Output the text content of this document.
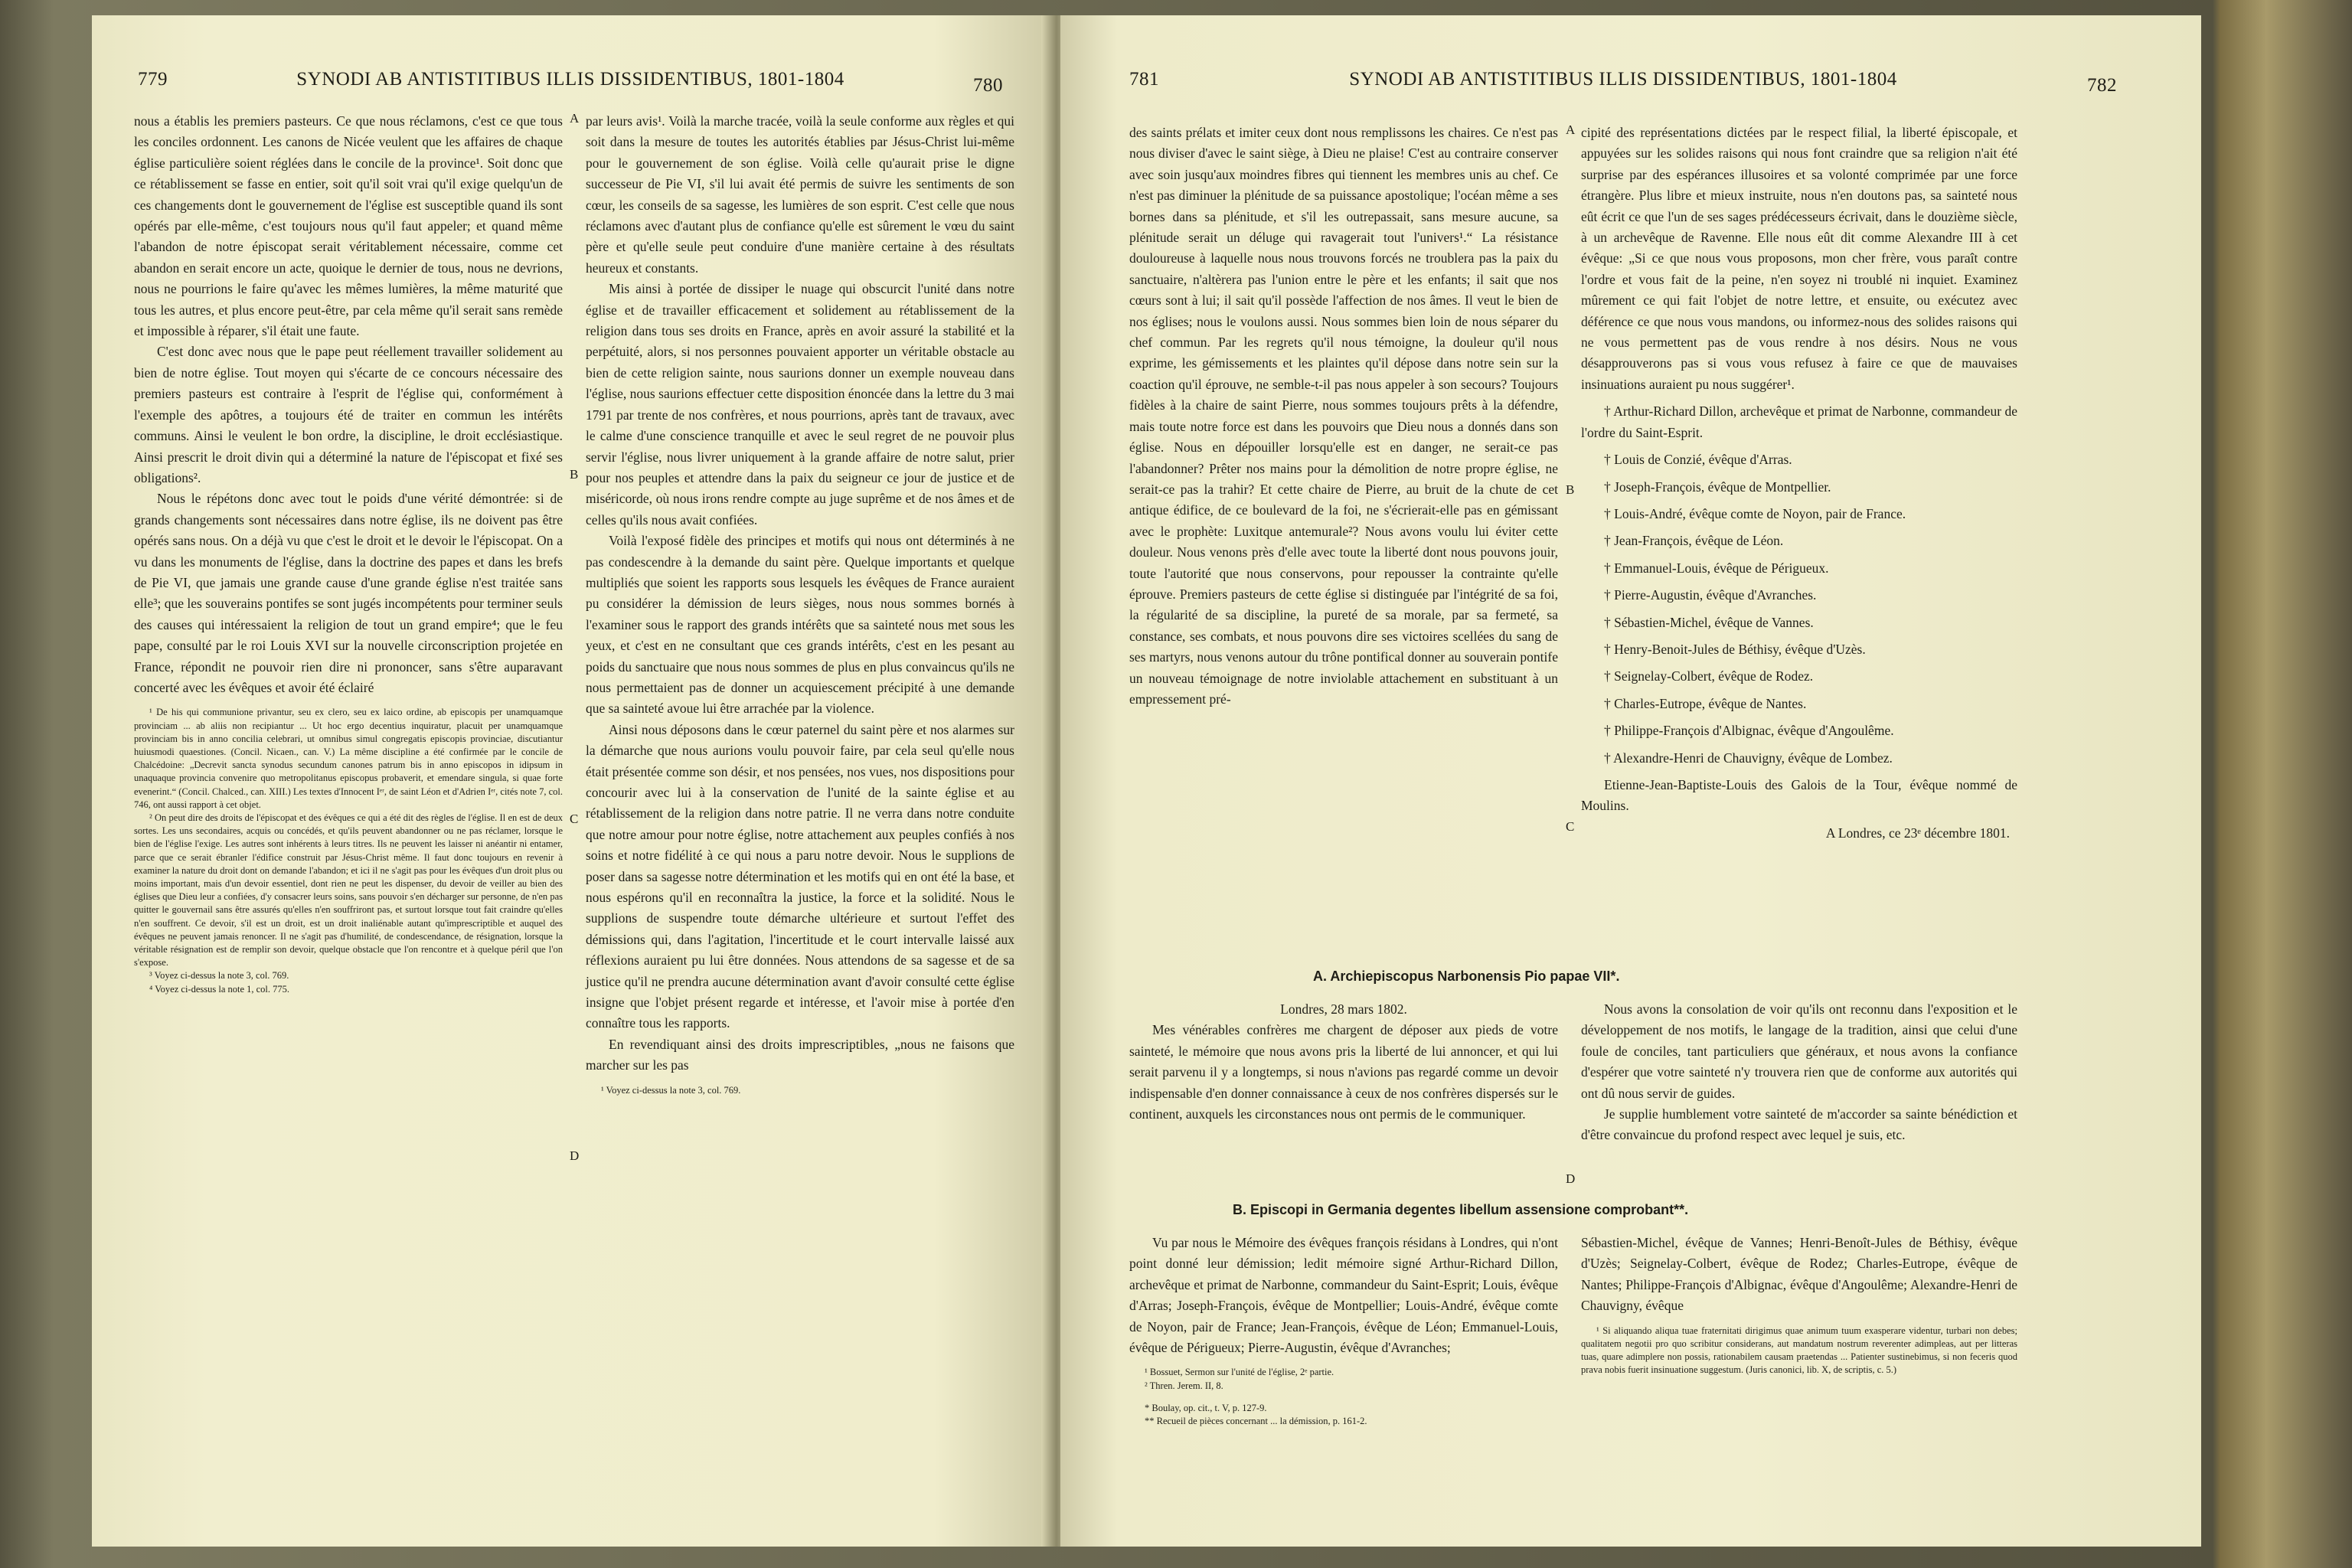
779	SYNODI AB ANTISTITIBUS ILLIS DISSIDENTIBUS, 1801-1804	780

nous a établis les premiers pasteurs. Ce que nous réclamons, c'est ce que tous les conciles ordonnent. Les canons de Nicée veulent que les affaires de chaque église particulière soient réglées dans le concile de la province¹. Soit donc que ce rétablissement se fasse en entier, soit qu'il soit vrai qu'il exige quelqu'un de ces changements dont le gouvernement de l'église est susceptible quand ils sont opérés par elle-même, c'est toujours nous qu'il faut appeler; et quand même l'abandon de notre épiscopat serait véritablement nécessaire, comme cet abandon en serait encore un acte, quoique le dernier de tous, nous ne devrions, nous ne pourrions le faire qu'avec les mêmes lumières, la même maturité que tous les autres, et plus encore peut-être, par cela même qu'il serait sans remède et impossible à réparer, s'il était une faute.

C'est donc avec nous que le pape peut réellement travailler solidement au bien de notre église. Tout moyen qui s'écarte de ce concours nécessaire des premiers pasteurs est contraire à l'esprit de l'église qui, conformément à l'exemple des apôtres, a toujours été de traiter en commun les intérêts communs. Ainsi le veulent le bon ordre, la discipline, le droit ecclésiastique. Ainsi prescrit le droit divin qui a déterminé la nature de l'épiscopat et fixé ses obligations².

Nous le répétons donc avec tout le poids d'une vérité démontrée: si de grands changements sont nécessaires dans notre église, ils ne doivent pas être opérés sans nous. On a déjà vu que c'est le droit et le devoir le l'épiscopat. On a vu dans les monuments de l'église, dans la doctrine des papes et dans les brefs de Pie VI, que jamais une grande cause d'une grande église n'est traitée sans elle³; que les souverains pontifes se sont jugés incompétents pour terminer seuls des causes qui intéressaient la religion de tout un grand empire⁴; que le feu pape, consulté par le roi Louis XVI sur la nouvelle circonscription projetée en France, répondit ne pouvoir rien dire ni prononcer, sans s'être auparavant concerté avec les évêques et avoir été éclairé

¹ De his qui communione privantur, seu ex clero, seu ex laico ordine, ab episcopis per unamquamque provinciam ... ab aliis non recipiantur ... Ut hoc ergo decentius inquiratur, placuit per unamquamque provinciam bis in anno concilia celebrari, ut omnibus simul congregatis episcopis provinciae, discutiantur huiusmodi quaestiones. (Concil. Nicaen., can. V.) La même discipline a été confirmée par le concile de Chalcédoine: „Decrevit sancta synodus secundum canones patrum bis in anno episcopos in idipsum in unaquaque provincia convenire quo metropolitanus episcopus probaverit, et emendare singula, si quae forte evenerint.“ (Concil. Chalced., can. XIII.) Les textes d'Innocent Iᵉʳ, de saint Léon et d'Adrien Iᵉʳ, cités note 7, col. 746, ont aussi rapport à cet objet.

² On peut dire des droits de l'épiscopat et des évêques ce qui a été dit des règles de l'église. Il en est de deux sortes. Les uns secondaires, acquis ou concédés, et qu'ils peuvent abandonner ou ne pas réclamer, lorsque le bien de l'église l'exige. Les autres sont inhérents à leurs titres. Ils ne peuvent les laisser ni anéantir ni entamer, parce que ce serait ébranler l'édifice construit par Jésus-Christ même. Il faut donc toujours en revenir à examiner la nature du droit dont on demande l'abandon; et ici il ne s'agit pas pour les évêques d'un droit plus ou moins important, mais d'un devoir essentiel, dont rien ne peut les dispenser, du devoir de veiller au bien des églises que Dieu leur a confiées, d'y consacrer leurs soins, sans pouvoir s'en décharger sur personne, de n'en pas quitter le gouvernail sans être assurés qu'elles n'en souffriront pas, et surtout lorsque tout fait craindre qu'elles n'en souffrent. Ce devoir, s'il est un droit, est un droit inaliénable autant qu'imprescriptible et auquel des évêques ne peuvent jamais renoncer. Il ne s'agit pas d'humilité, de condescendance, de résignation, lorsque la véritable résignation est de remplir son devoir, quelque obstacle que l'on rencontre et à quelque péril que l'on s'expose.

³ Voyez ci-dessus la note 3, col. 769.

⁴ Voyez ci-dessus la note 1, col. 775.

A
B
C
D

par leurs avis¹. Voilà la marche tracée, voilà la seule conforme aux règles et qui soit dans la mesure de toutes les autorités établies par Jésus-Christ lui-même pour le gouvernement de son église. Voilà celle qu'aurait prise le digne successeur de Pie VI, s'il lui avait été permis de suivre les sentiments de son cœur, les conseils de sa sagesse, les lumières de son esprit. C'est celle que nous réclamons avec d'autant plus de confiance qu'elle est sûrement le vœu du saint père et qu'elle seule peut conduire d'une manière certaine à des résultats heureux et constants.

Mis ainsi à portée de dissiper le nuage qui obscurcit l'unité dans notre église et de travailler efficacement et solidement au rétablissement de la religion dans tous ses droits en France, après en avoir assuré la stabilité et la perpétuité, alors, si nos personnes pouvaient apporter un véritable obstacle au bien de cette religion sainte, nous saurions donner un exemple nouveau dans l'église, nous saurions effectuer cette disposition énoncée dans la lettre du 3 mai 1791 par trente de nos confrères, et nous pourrions, après tant de travaux, avec le calme d'une conscience tranquille et avec le seul regret de ne pouvoir plus servir l'église, nous livrer uniquement à la grande affaire de notre salut, prier pour nos peuples et attendre dans la paix du seigneur ce jour de justice et de miséricorde, où nous irons rendre compte au juge suprême et de nos âmes et de celles qu'ils nous avait confiées.

Voilà l'exposé fidèle des principes et motifs qui nous ont déterminés à ne pas condescendre à la demande du saint père. Quelque importants et quelque multipliés que soient les rapports sous lesquels les évêques de France auraient pu considérer la démission de leurs sièges, nous nous sommes bornés à l'examiner sous le rapport des grands intérêts que sa sainteté nous met sous les yeux, et c'est en ne consultant que ces grands intérêts, c'est en les pesant au poids du sanctuaire que nous nous sommes de plus en plus convaincus qu'ils ne nous permettaient pas de donner un acquiescement précipité à une demande que sa sainteté avoue lui être arrachée par la violence.

Ainsi nous déposons dans le cœur paternel du saint père et nos alarmes sur la démarche que nous aurions voulu pouvoir faire, par cela seul qu'elle nous était présentée comme son désir, et nos pensées, nos vues, nos dispositions pour concourir avec lui à la conservation de l'unité de la sainte église et au rétablissement de la religion dans notre patrie. Il ne verra dans notre conduite que notre amour pour notre église, notre attachement aux peuples confiés à nos soins et notre fidélité à ce qui nous a paru notre devoir. Nous le supplions de poser dans sa sagesse notre détermination et les motifs qui en ont été la base, et nous espérons qu'il en reconnaîtra la justice, la force et la solidité. Nous le supplions de suspendre toute démarche ultérieure et surtout l'effet des démissions qui, dans l'agitation, l'incertitude et le court intervalle laissé aux réflexions auraient pu lui être données. Nous attendons de sa sagesse et de sa justice qu'il ne prendra aucune détermination avant d'avoir consulté cette église insigne que l'objet présent regarde et intéresse, et l'avoir mise à portée d'en connaître tous les rapports.

En revendiquant ainsi des droits imprescriptibles, „nous ne faisons que marcher sur les pas

¹ Voyez ci-dessus la note 3, col. 769.

781	SYNODI AB ANTISTITIBUS ILLIS DISSIDENTIBUS, 1801-1804	782

des saints prélats et imiter ceux dont nous remplissons les chaires. Ce n'est pas nous diviser d'avec le saint siège, à Dieu ne plaise! C'est au contraire conserver avec soin jusqu'aux moindres fibres qui tiennent les membres unis au chef. Ce n'est pas diminuer la plénitude de sa puissance apostolique; l'océan même a ses bornes dans sa plénitude, et s'il les outrepassait, sans mesure aucune, sa plénitude serait un déluge qui ravagerait tout l'univers¹.“ La résistance douloureuse à laquelle nous nous trouvons forcés ne troublera pas la paix du sanctuaire, n'altèrera pas l'union entre le père et les enfants; il sait que nos cœurs sont à lui; il sait qu'il possède l'affection de nos âmes. Il veut le bien de nos églises; nous le voulons aussi. Nous sommes bien loin de nous séparer du chef commun. Par les regrets qu'il nous témoigne, la douleur qu'il nous exprime, les gémissements et les plaintes qu'il dépose dans notre sein sur la coaction qu'il éprouve, ne semble-t-il pas nous appeler à son secours? Toujours fidèles à la chaire de saint Pierre, nous sommes toujours prêts à la défendre, mais toute notre force est dans les pouvoirs que Dieu nous a donnés dans son église. Nous en dépouiller lorsqu'elle est en danger, ne serait-ce pas l'abandonner? Prêter nos mains pour la démolition de notre propre église, ne serait-ce pas la trahir? Et cette chaire de Pierre, au bruit de la chute de cet antique édifice, de ce boulevard de la foi, ne s'écrierait-elle pas en gémissant avec le prophète: Luxitque antemurale²? Nous avons voulu lui éviter cette douleur. Nous venons près d'elle avec toute la liberté dont nous pouvons jouir, toute l'autorité que nous conservons, pour repousser la contrainte qu'elle éprouve. Premiers pasteurs de cette église si distinguée par l'intégrité de sa foi, la régularité de sa discipline, la pureté de sa morale, par sa fermeté, sa constance, ses combats, et nous pouvons dire ses victoires scellées du sang de ses martyrs, nous venons autour du trône pontifical donner au souverain pontife un nouveau témoignage de notre inviolable attachement en substituant à un empressement pré-

A
B
C
D

cipité des représentations dictées par le respect filial, la liberté épiscopale, et appuyées sur les solides raisons qui nous font craindre que sa religion n'ait été surprise par des espérances illusoires et sa volonté comprimée par une force étrangère. Plus libre et mieux instruite, nous n'en doutons pas, sa sainteté nous eût écrit ce que l'un de ses sages prédécesseurs écrivait, dans le douzième siècle, à un archevêque de Ravenne. Elle nous eût dit comme Alexandre III à cet évêque: „Si ce que nous vous proposons, mon cher frère, vous paraît contre l'ordre et vous fait de la peine, n'en soyez ni troublé ni inquiet. Examinez mûrement ce qui fait l'objet de notre lettre, et ensuite, ou exécutez avec déférence ce que nous vous mandons, ou informez-nous des solides raisons qui ne vous permettent pas de vous rendre à nos désirs. Nous ne vous désapprouverons pas si vous vous refusez à faire ce que de mauvaises insinuations auraient pu nous suggérer¹.

† Arthur-Richard Dillon, archevêque et primat de Narbonne, commandeur de l'ordre du Saint-Esprit.

† Louis de Conzié, évêque d'Arras.

† Joseph-François, évêque de Montpellier.

† Louis-André, évêque comte de Noyon, pair de France.

† Jean-François, évêque de Léon.

† Emmanuel-Louis, évêque de Périgueux.

† Pierre-Augustin, évêque d'Avranches.

† Sébastien-Michel, évêque de Vannes.

† Henry-Benoit-Jules de Béthisy, évêque d'Uzès.

† Seignelay-Colbert, évêque de Rodez.

† Charles-Eutrope, évêque de Nantes.

† Philippe-François d'Albignac, évêque d'Angoulême.

† Alexandre-Henri de Chauvigny, évêque de Lombez.

Etienne-Jean-Baptiste-Louis des Galois de la Tour, évêque nommé de Moulins.

A Londres, ce 23ᵉ décembre 1801.

A. Archiepiscopus Narbonensis Pio papae VII*.

Londres, 28 mars 1802.

Mes vénérables confrères me chargent de déposer aux pieds de votre sainteté, le mémoire que nous avons pris la liberté de lui annoncer, et qui lui serait parvenu il y a longtemps, si nous n'avions pas regardé comme un devoir indispensable d'en donner connaissance à ceux de nos confrères dispersés sur le continent, auxquels les circonstances nous ont permis de le communiquer.

Nous avons la consolation de voir qu'ils ont reconnu dans l'exposition et le développement de nos motifs, le langage de la tradition, ainsi que celui d'une foule de conciles, tant particuliers que généraux, et nous avons la confiance d'espérer que votre sainteté n'y trouvera rien que de conforme aux autorités qui ont dû nous servir de guides.

Je supplie humblement votre sainteté de m'accorder sa sainte bénédiction et d'être convaincue du profond respect avec lequel je suis, etc.

B. Episcopi in Germania degentes libellum assensione comprobant**.

Vu par nous le Mémoire des évêques françois résidans à Londres, qui n'ont point donné leur démission; ledit mémoire signé Arthur-Richard Dillon, archevêque et primat de Narbonne, commandeur du Saint-Esprit; Louis, évêque d'Arras; Joseph-François, évêque de Montpellier; Louis-André, évêque comte de Noyon, pair de France; Jean-François, évêque de Léon; Emmanuel-Louis, évêque de Périgueux; Pierre-Augustin, évêque d'Avranches;

¹ Bossuet, Sermon sur l'unité de l'église, 2ᵉ partie.

² Thren. Jerem. II, 8.

* Boulay, op. cit., t. V, p. 127-9.

** Recueil de pièces concernant ... la démission, p. 161-2.

Sébastien-Michel, évêque de Vannes; Henri-Benoît-Jules de Béthisy, évêque d'Uzès; Seignelay-Colbert, évêque de Rodez; Charles-Eutrope, évêque de Nantes; Philippe-François d'Albignac, évêque d'Angoulême; Alexandre-Henri de Chauvigny, évêque

¹ Si aliquando aliqua tuae fraternitati dirigimus quae animum tuum exasperare videntur, turbari non debes; qualitatem negotii pro quo scribitur considerans, aut mandatum nostrum reverenter adimpleas, aut per litteras tuas, quare adimplere non possis, rationabilem causam praetendas ... Patienter sustinebimus, si non feceris quod prava nobis fuerit insinuatione suggestum. (Juris canonici, lib. X, de scriptis, c. 5.)
